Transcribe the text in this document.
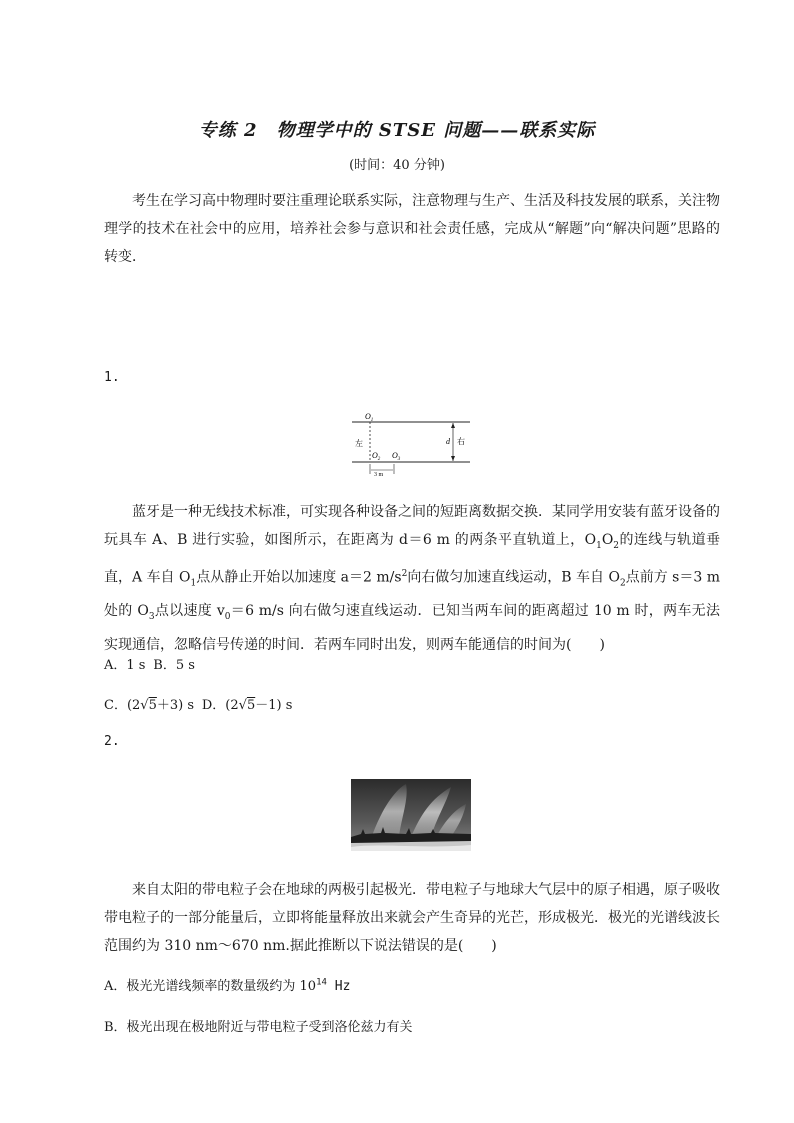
专练 2　物理学中的 STSE 问题——联系实际
(时间：40 分钟)
考生在学习高中物理时要注重理论联系实际，注意物理与生产、生活及科技发展的联系，关注物理学的技术在社会中的应用，培养社会参与意识和社会责任感，完成从“解题”向“解决问题”思路的转变．
1.
$O_1$
左
$O_2$ $O_3$
d 右
3 m
蓝牙是一种无线技术标准，可实现各种设备之间的短距离数据交换．某同学用安装有蓝牙设备的玩具车 A、B 进行实验，如图所示，在距离为 d＝6 m 的两条平直轨道上，$O_1O_2$的连线与轨道垂直，A 车自 $O_1$点从静止开始以加速度 a＝2 $m/s^2$向右做匀加速直线运动，B 车自 $O_2$点前方 s＝3 m 处的 $O_3$点以速度 $v_0=6$ m/s 向右做匀速直线运动．已知当两车间的距离超过 10 m 时，两车无法实现通信，忽略信号传递的时间．若两车同时出发，则两车能通信的时间为(　　)
A．1 s B．5 s
C．(2√5＋3) s D．(2√5－1) s
2.
来自太阳的带电粒子会在地球的两极引起极光．带电粒子与地球大气层中的原子相遇，原子吸收带电粒子的一部分能量后，立即将能量释放出来就会产生奇异的光芒，形成极光．极光的光谱线波长范围约为 310 nm～670 nm.据此推断以下说法错误的是(　　)
A．极光光谱线频率的数量级约为 $10^{14}$ Hz
B．极光出现在极地附近与带电粒子受到洛伦兹力有关
